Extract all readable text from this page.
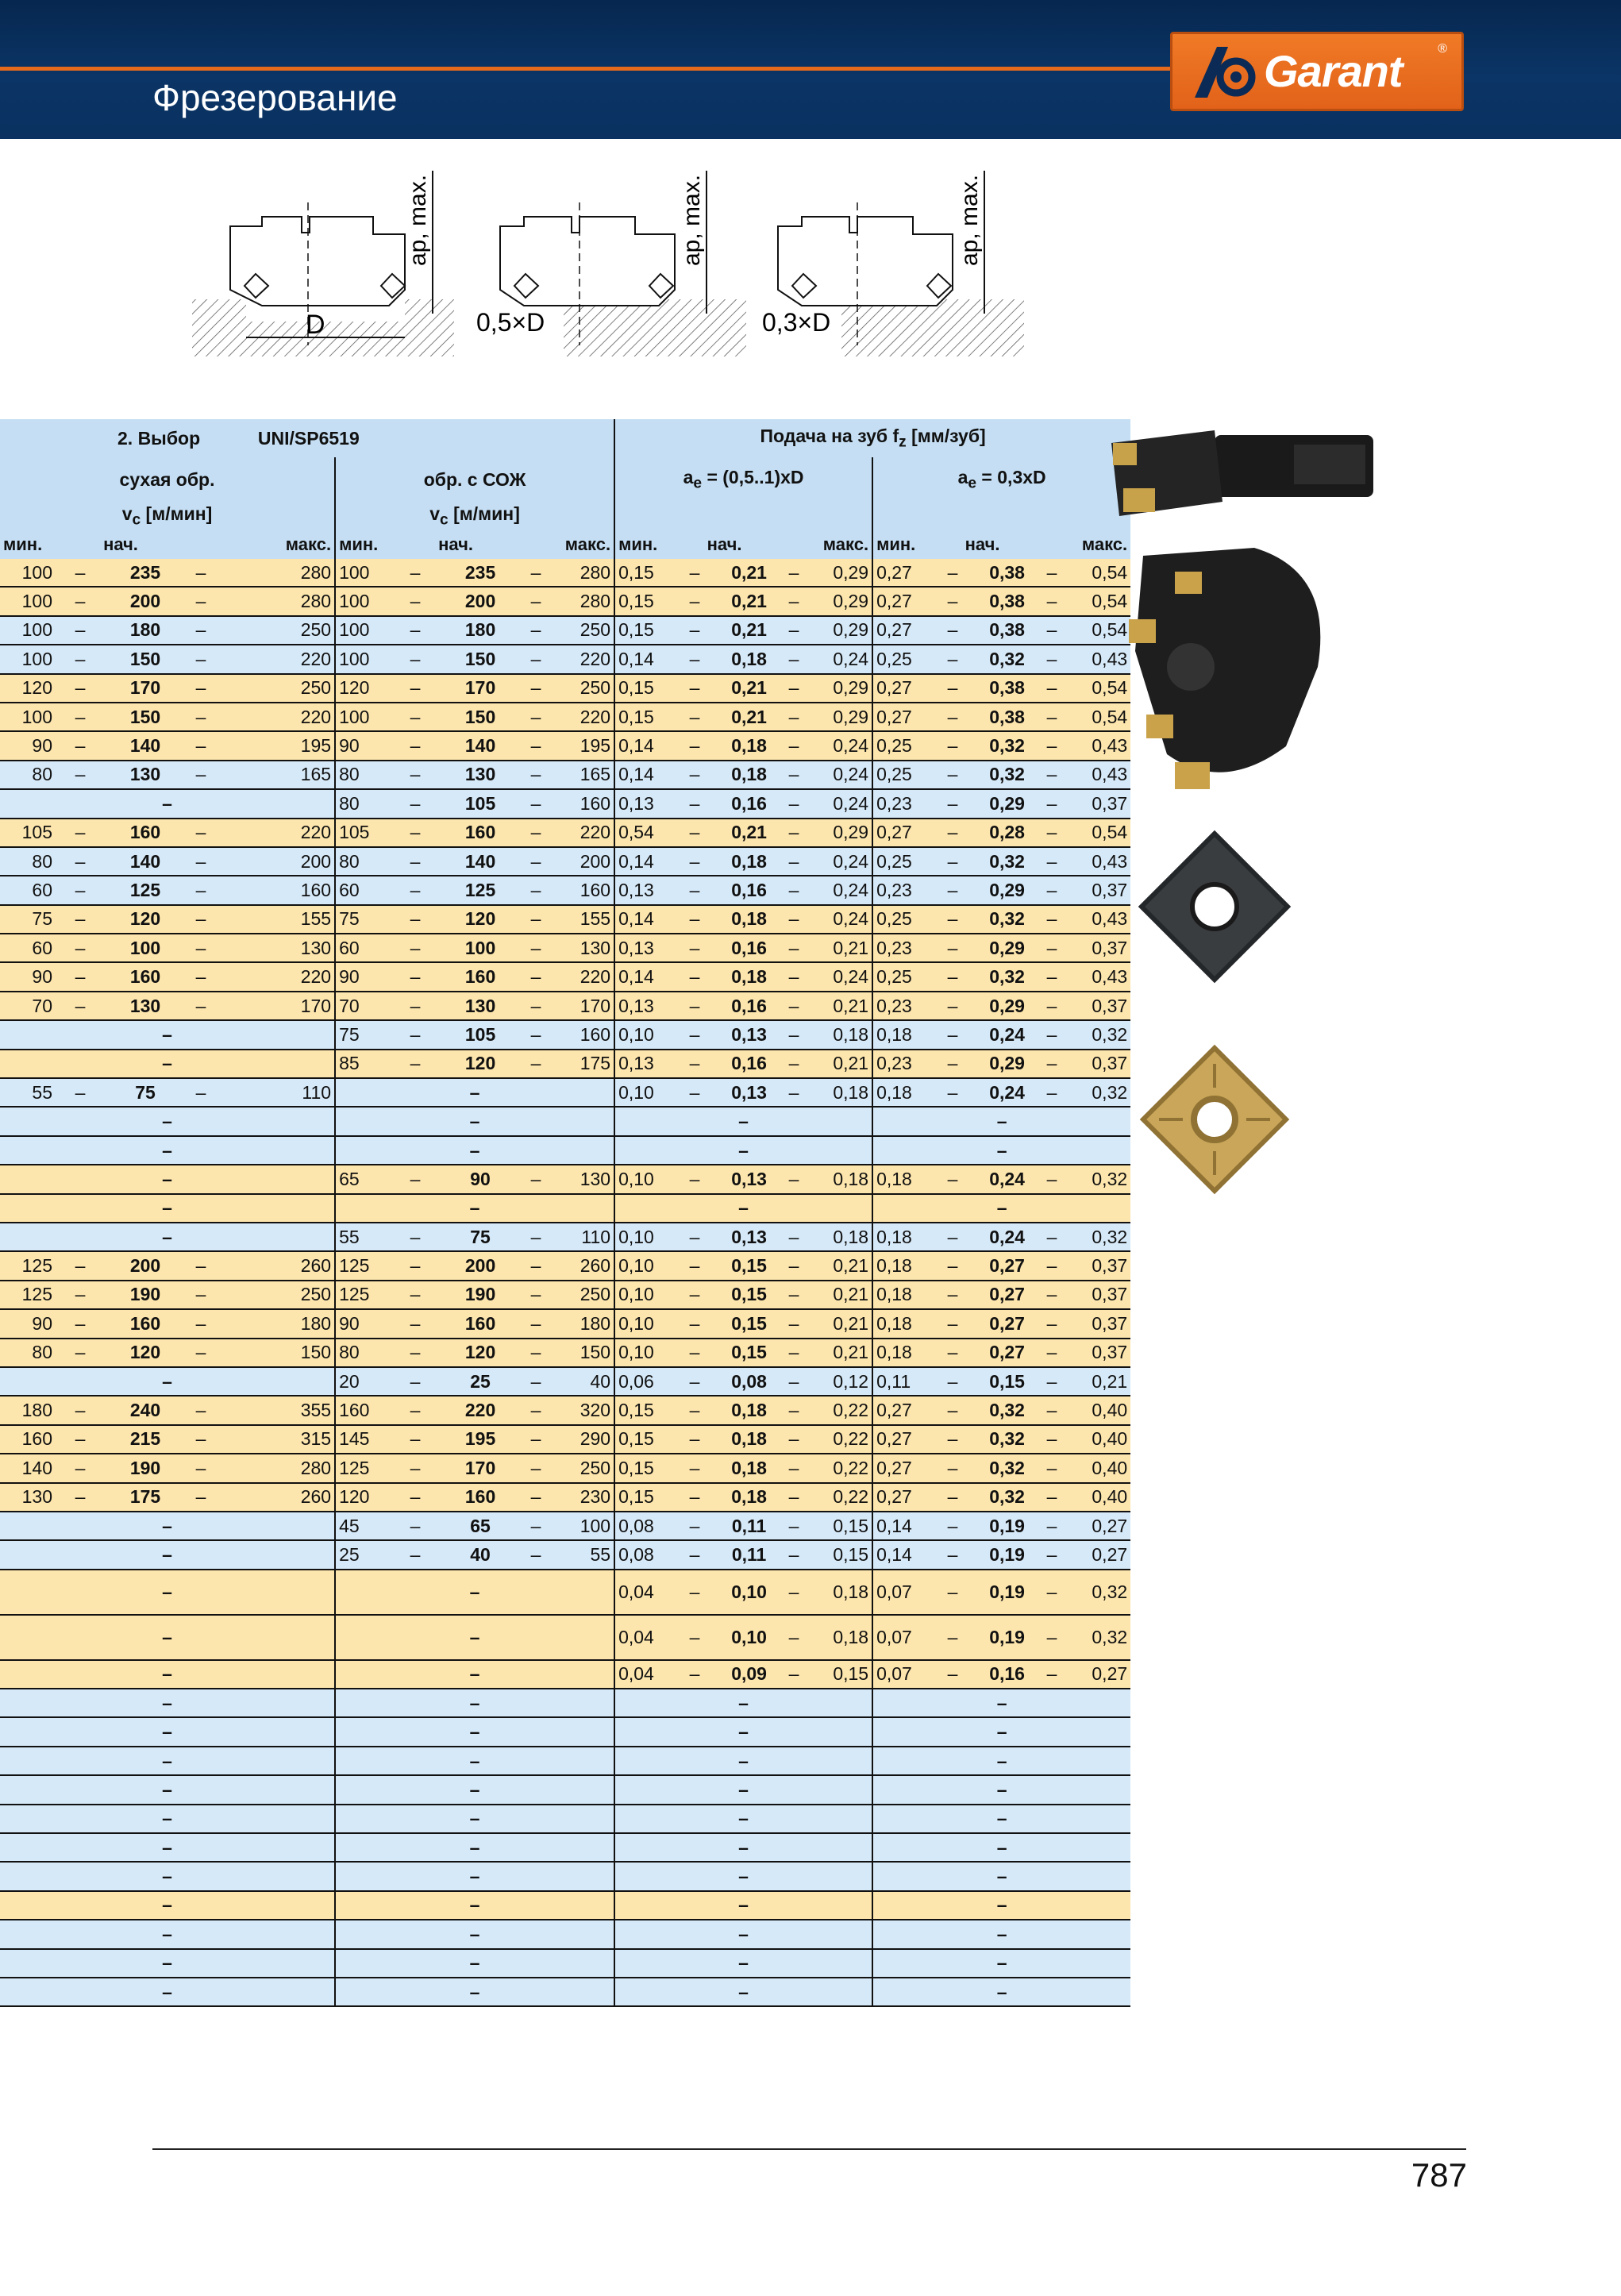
Фрезерование
Garant	®
D
ap, max.
0,5×D
ap, max.
0,3×D
ap, max.
2. Выбор UNI/SP6519										Подача на зуб $f_z$ [мм/зуб]									
сухая обр.					обр. с СОЖ					$a_e = (0,5..1)xD$					$a_e = 0,3xD$				
$v_c$ [м/мин]					$v_c$ [м/мин]														
мин.	нач.		макс.		мин.	нач.		макс.		мин.	нач.		макс.		мин.	нач.		макс.	
100	–	235	–	280	100	–	235	–	280	0,15	–	0,21	–	0,29	0,27	–	0,38	–	0,54
100	–	200	–	280	100	–	200	–	280	0,15	–	0,21	–	0,29	0,27	–	0,38	–	0,54
100	–	180	–	250	100	–	180	–	250	0,15	–	0,21	–	0,29	0,27	–	0,38	–	0,54
100	–	150	–	220	100	–	150	–	220	0,14	–	0,18	–	0,24	0,25	–	0,32	–	0,43
120	–	170	–	250	120	–	170	–	250	0,15	–	0,21	–	0,29	0,27	–	0,38	–	0,54
100	–	150	–	220	100	–	150	–	220	0,15	–	0,21	–	0,29	0,27	–	0,38	–	0,54
90	–	140	–	195	90	–	140	–	195	0,14	–	0,18	–	0,24	0,25	–	0,32	–	0,43
80	–	130	–	165	80	–	130	–	165	0,14	–	0,18	–	0,24	0,25	–	0,32	–	0,43
–					80	–	105	–	160	0,13	–	0,16	–	0,24	0,23	–	0,29	–	0,37
105	–	160	–	220	105	–	160	–	220	0,54	–	0,21	–	0,29	0,27	–	0,28	–	0,54
80	–	140	–	200	80	–	140	–	200	0,14	–	0,18	–	0,24	0,25	–	0,32	–	0,43
60	–	125	–	160	60	–	125	–	160	0,13	–	0,16	–	0,24	0,23	–	0,29	–	0,37
75	–	120	–	155	75	–	120	–	155	0,14	–	0,18	–	0,24	0,25	–	0,32	–	0,43
60	–	100	–	130	60	–	100	–	130	0,13	–	0,16	–	0,21	0,23	–	0,29	–	0,37
90	–	160	–	220	90	–	160	–	220	0,14	–	0,18	–	0,24	0,25	–	0,32	–	0,43
70	–	130	–	170	70	–	130	–	170	0,13	–	0,16	–	0,21	0,23	–	0,29	–	0,37
–					75	–	105	–	160	0,10	–	0,13	–	0,18	0,18	–	0,24	–	0,32
–					85	–	120	–	175	0,13	–	0,16	–	0,21	0,23	–	0,29	–	0,37
55	–	75	–	110	–					0,10	–	0,13	–	0,18	0,18	–	0,24	–	0,32
–					–					–					–				
–					–					–					–				
–					65	–	90	–	130	0,10	–	0,13	–	0,18	0,18	–	0,24	–	0,32
–					–					–					–				
–					55	–	75	–	110	0,10	–	0,13	–	0,18	0,18	–	0,24	–	0,32
125	–	200	–	260	125	–	200	–	260	0,10	–	0,15	–	0,21	0,18	–	0,27	–	0,37
125	–	190	–	250	125	–	190	–	250	0,10	–	0,15	–	0,21	0,18	–	0,27	–	0,37
90	–	160	–	180	90	–	160	–	180	0,10	–	0,15	–	0,21	0,18	–	0,27	–	0,37
80	–	120	–	150	80	–	120	–	150	0,10	–	0,15	–	0,21	0,18	–	0,27	–	0,37
–					20	–	25	–	40	0,06	–	0,08	–	0,12	0,11	–	0,15	–	0,21
180	–	240	–	355	160	–	220	–	320	0,15	–	0,18	–	0,22	0,27	–	0,32	–	0,40
160	–	215	–	315	145	–	195	–	290	0,15	–	0,18	–	0,22	0,27	–	0,32	–	0,40
140	–	190	–	280	125	–	170	–	250	0,15	–	0,18	–	0,22	0,27	–	0,32	–	0,40
130	–	175	–	260	120	–	160	–	230	0,15	–	0,18	–	0,22	0,27	–	0,32	–	0,40
–					45	–	65	–	100	0,08	–	0,11	–	0,15	0,14	–	0,19	–	0,27
–					25	–	40	–	55	0,08	–	0,11	–	0,15	0,14	–	0,19	–	0,27
–					–					0,04	–	0,10	–	0,18	0,07	–	0,19	–	0,32
–					–					0,04	–	0,10	–	0,18	0,07	–	0,19	–	0,32
–					–					0,04	–	0,09	–	0,15	0,07	–	0,16	–	0,27
–					–					–					–				
–					–					–					–				
–					–					–					–				
–					–					–					–				
–					–					–					–				
–					–					–					–				
–					–					–					–				
–					–					–					–				
–					–					–					–				
–					–					–					–				
–					–					–					–				
787
